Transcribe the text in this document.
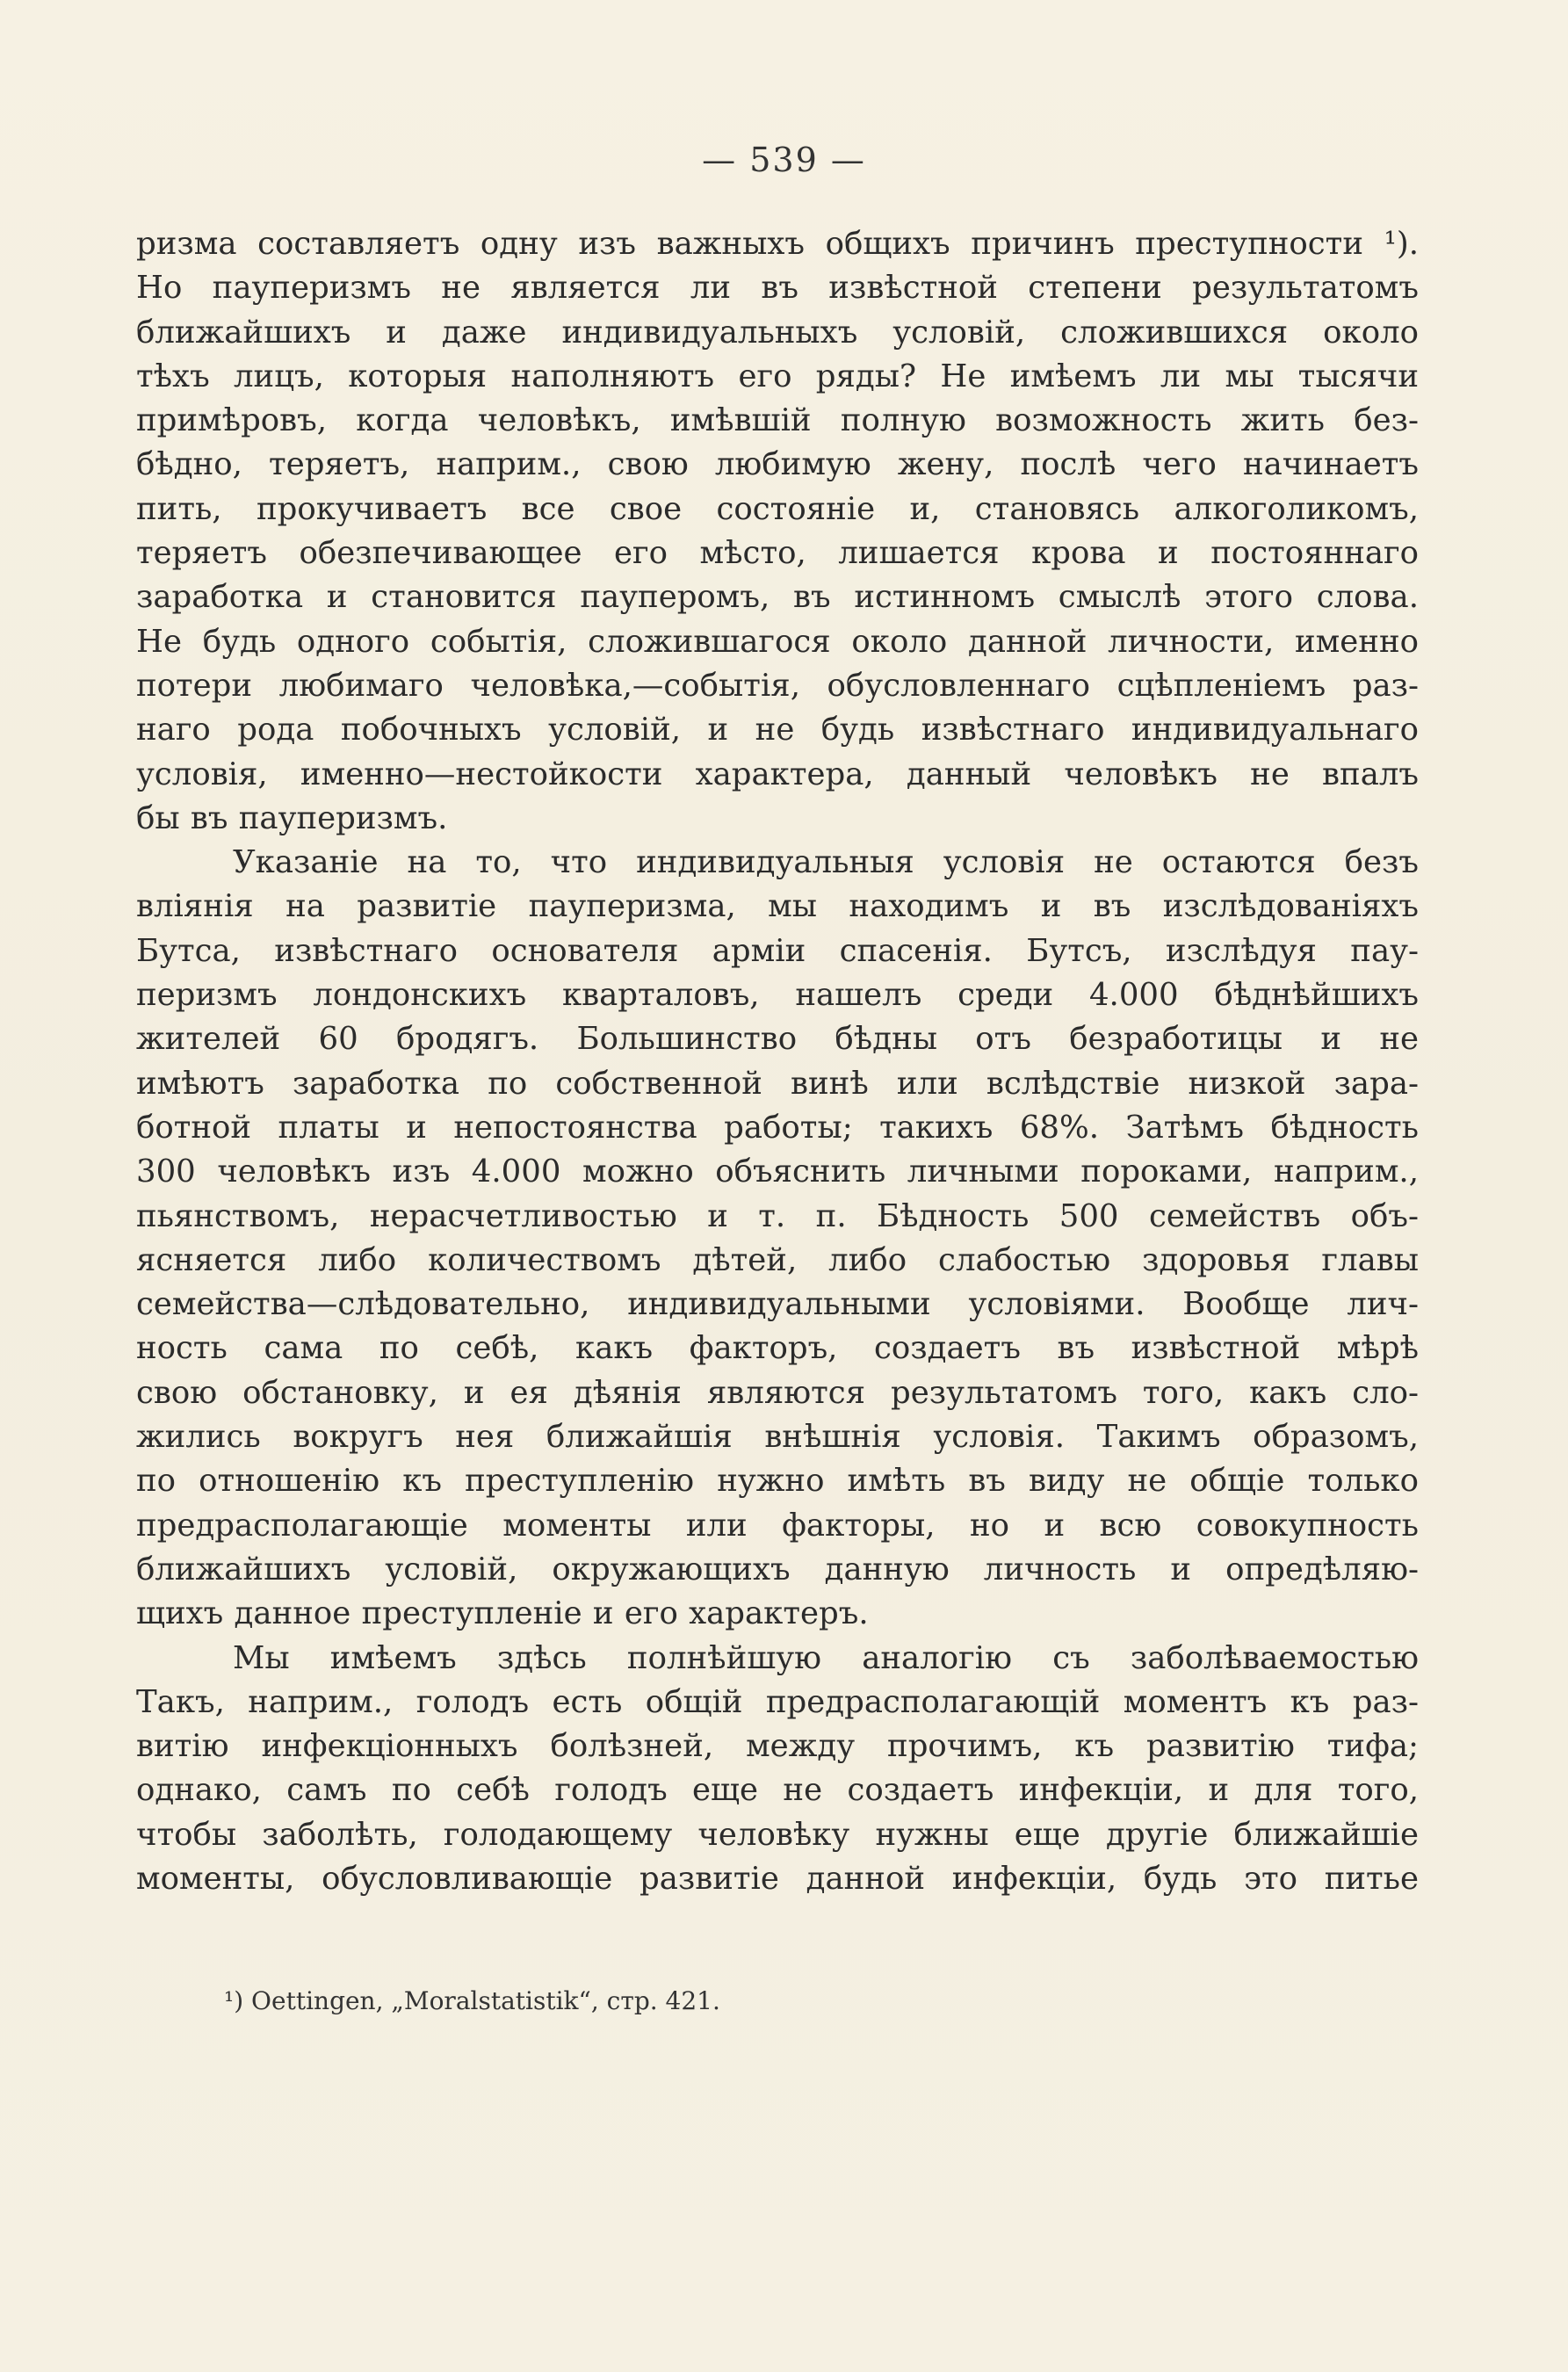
— 539 —
ризма составляетъ одну изъ важныхъ общихъ причинъ преступности ¹).
Но пауперизмъ не является ли въ извѣстной степени результатомъ
ближайшихъ и даже индивидуальныхъ условій, сложившихся около
тѣхъ лицъ, которыя наполняютъ его ряды? Не имѣемъ ли мы тысячи
примѣровъ, когда человѣкъ, имѣвшій полную возможность жить без-
бѣдно, теряетъ, наприм., свою любимую жену, послѣ чего начинаетъ
пить, прокучиваетъ все свое состояніе и, становясь алкоголикомъ,
теряетъ обезпечивающее его мѣсто, лишается крова и постояннаго
заработка и становится пауперомъ, въ истинномъ смыслѣ этого слова.
Не будь одного событія, сложившагося около данной личности, именно
потери любимаго человѣка,—событія, обусловленнаго сцѣпленіемъ раз-
наго рода побочныхъ условій, и не будь извѣстнаго индивидуальнаго
условія, именно—нестойкости характера, данный человѣкъ не впалъ
бы въ пауперизмъ.
Указаніе на то, что индивидуальныя условія не остаются безъ
вліянія на развитіе пауперизма, мы находимъ и въ изслѣдованіяхъ
Бутса, извѣстнаго основателя арміи спасенія. Бутсъ, изслѣдуя пау-
перизмъ лондонскихъ кварталовъ, нашелъ среди 4.000 бѣднѣйшихъ
жителей 60 бродягъ. Большинство бѣдны отъ безработицы и не
имѣютъ заработка по собственной винѣ или вслѣдствіе низкой зара-
ботной платы и непостоянства работы; такихъ 68%. Затѣмъ бѣдность
300 человѣкъ изъ 4.000 можно объяснить личными пороками, наприм.,
пьянствомъ, нерасчетливостью и т. п. Бѣдность 500 семействъ объ-
ясняется либо количествомъ дѣтей, либо слабостью здоровья главы
семейства—слѣдовательно, индивидуальными условіями. Вообще лич-
ность сама по себѣ, какъ факторъ, создаетъ въ извѣстной мѣрѣ
свою обстановку, и ея дѣянія являются результатомъ того, какъ сло-
жились вокругъ нея ближайшія внѣшнія условія. Такимъ образомъ,
по отношенію къ преступленію нужно имѣть въ виду не общіе только
предрасполагающіе моменты или факторы, но и всю совокупность
ближайшихъ условій, окружающихъ данную личность и опредѣляю-
щихъ данное преступленіе и его характеръ.
Мы имѣемъ здѣсь полнѣйшую аналогію съ заболѣваемостью
Такъ, наприм., голодъ есть общій предрасполагающій моментъ къ раз-
витію инфекціонныхъ болѣзней, между прочимъ, къ развитію тифа;
однако, самъ по себѣ голодъ еще не создаетъ инфекціи, и для того,
чтобы заболѣть, голодающему человѣку нужны еще другіе ближайшіе
моменты, обусловливающіе развитіе данной инфекціи, будь это питье
¹) Oettingen, „Moralstatistik“, стр. 421.
